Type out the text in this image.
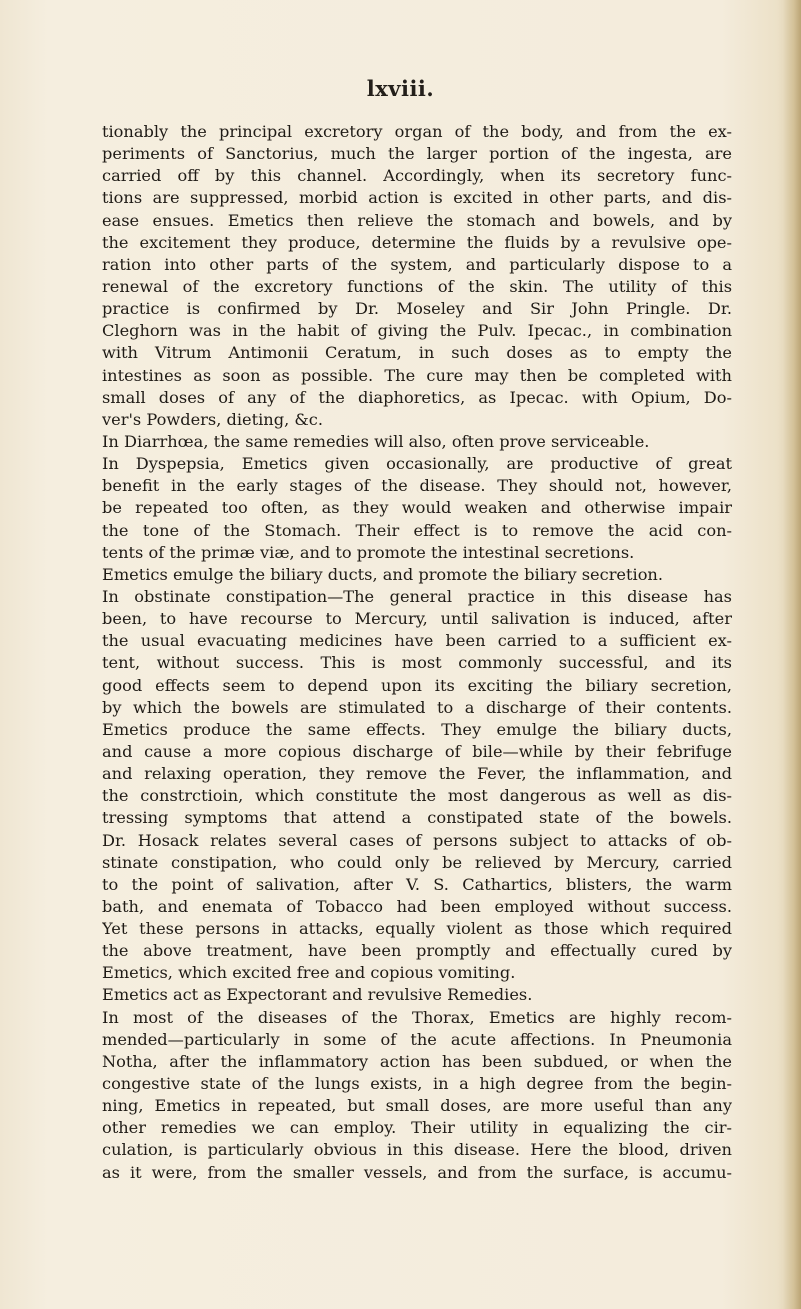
lxviii.
tionably the principal excretory organ of the body, and from the ex-
periments of Sanctorius, much the larger portion of the ingesta, are
carried off by this channel. Accordingly, when its secretory func-
tions are suppressed, morbid action is excited in other parts, and dis-
ease ensues. Emetics then relieve the stomach and bowels, and by
the excitement they produce, determine the fluids by a revulsive ope-
ration into other parts of the system, and particularly dispose to a
renewal of the excretory functions of the skin. The utility of this
practice is confirmed by Dr. Moseley and Sir John Pringle. Dr.
Cleghorn was in the habit of giving the Pulv. Ipecac., in combination
with Vitrum Antimonii Ceratum, in such doses as to empty the
intestines as soon as possible. The cure may then be completed with
small doses of any of the diaphoretics, as Ipecac. with Opium, Do-
ver's Powders, dieting, &c.
In Diarrhœa, the same remedies will also, often prove serviceable.
In Dyspepsia, Emetics given occasionally, are productive of great
benefit in the early stages of the disease. They should not, however,
be repeated too often, as they would weaken and otherwise impair
the tone of the Stomach. Their effect is to remove the acid con-
tents of the primæ viæ, and to promote the intestinal secretions.
Emetics emulge the biliary ducts, and promote the biliary secretion.
In obstinate constipation—The general practice in this disease has
been, to have recourse to Mercury, until salivation is induced, after
the usual evacuating medicines have been carried to a sufficient ex-
tent, without success. This is most commonly successful, and its
good effects seem to depend upon its exciting the biliary secretion,
by which the bowels are stimulated to a discharge of their contents.
Emetics produce the same effects. They emulge the biliary ducts,
and cause a more copious discharge of bile—while by their febrifuge
and relaxing operation, they remove the Fever, the inflammation, and
the constrctioin, which constitute the most dangerous as well as dis-
tressing symptoms that attend a constipated state of the bowels.
Dr. Hosack relates several cases of persons subject to attacks of ob-
stinate constipation, who could only be relieved by Mercury, carried
to the point of salivation, after V. S. Cathartics, blisters, the warm
bath, and enemata of Tobacco had been employed without success.
Yet these persons in attacks, equally violent as those which required
the above treatment, have been promptly and effectually cured by
Emetics, which excited free and copious vomiting.
Emetics act as Expectorant and revulsive Remedies.
In most of the diseases of the Thorax, Emetics are highly recom-
mended—particularly in some of the acute affections. In Pneumonia
Notha, after the inflammatory action has been subdued, or when the
congestive state of the lungs exists, in a high degree from the begin-
ning, Emetics in repeated, but small doses, are more useful than any
other remedies we can employ. Their utility in equalizing the cir-
culation, is particularly obvious in this disease. Here the blood, driven
as it were, from the smaller vessels, and from the surface, is accumu-
